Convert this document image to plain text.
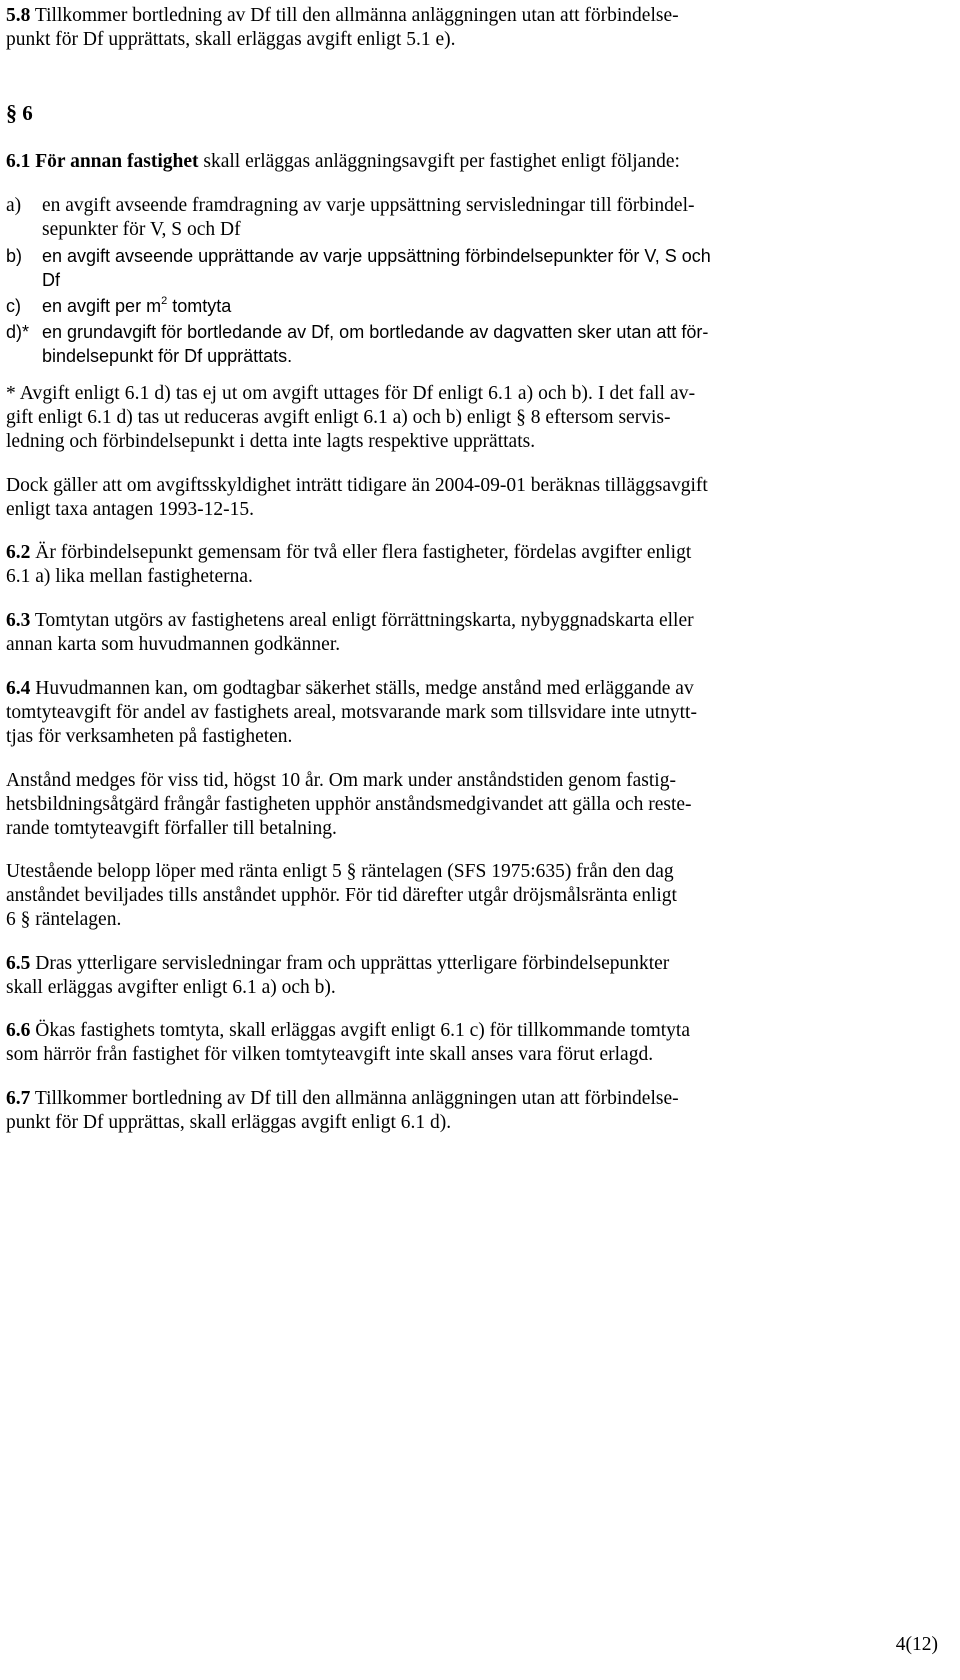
5.8 Tillkommer bortledning av Df till den allmänna anläggningen utan att förbindelse-
punkt för Df upprättats, skall erläggas avgift enligt 5.1 e).
§ 6
6.1 För annan fastighet skall erläggas anläggningsavgift per fastighet enligt följande:
a) en avgift avseende framdragning av varje uppsättning servisledningar till förbindel-
sepunkter för V, S och Df
b) en avgift avseende upprättande av varje uppsättning förbindelsepunkter för V, S och
Df
c) en avgift per $m^2$ tomtyta
d)* en grundavgift för bortledande av Df, om bortledande av dagvatten sker utan att för-
bindelsepunkt för Df upprättats.
* Avgift enligt 6.1 d) tas ej ut om avgift uttages för Df enligt 6.1 a) och b). I det fall av-
gift enligt 6.1 d) tas ut reduceras avgift enligt 6.1 a) och b) enligt § 8 eftersom servis-
ledning och förbindelsepunkt i detta inte lagts respektive upprättats.
Dock gäller att om avgiftsskyldighet inträtt tidigare än 2004-09-01 beräknas tilläggsavgift
enligt taxa antagen 1993-12-15.
6.2 Är förbindelsepunkt gemensam för två eller flera fastigheter, fördelas avgifter enligt
6.1 a) lika mellan fastigheterna.
6.3 Tomtytan utgörs av fastighetens areal enligt förrättningskarta, nybyggnadskarta eller
annan karta som huvudmannen godkänner.
6.4 Huvudmannen kan, om godtagbar säkerhet ställs, medge anstånd med erläggande av
tomtyteavgift för andel av fastighets areal, motsvarande mark som tillsvidare inte utnytt-
tjas för verksamheten på fastigheten.
Anstånd medges för viss tid, högst 10 år. Om mark under anståndstiden genom fastig-
hetsbildningsåtgärd frångår fastigheten upphör anståndsmedgivandet att gälla och reste-
rande tomtyteavgift förfaller till betalning.
Utestående belopp löper med ränta enligt 5 § räntelagen (SFS 1975:635) från den dag
anståndet beviljades tills anståndet upphör. För tid därefter utgår dröjsmålsränta enligt
6 § räntelagen.
6.5 Dras ytterligare servisledningar fram och upprättas ytterligare förbindelsepunkter
skall erläggas avgifter enligt 6.1 a) och b).
6.6 Ökas fastighets tomtyta, skall erläggas avgift enligt 6.1 c) för tillkommande tomtyta
som härrör från fastighet för vilken tomtyteavgift inte skall anses vara förut erlagd.
6.7 Tillkommer bortledning av Df till den allmänna anläggningen utan att förbindelse-
punkt för Df upprättas, skall erläggas avgift enligt 6.1 d).
4(12)
